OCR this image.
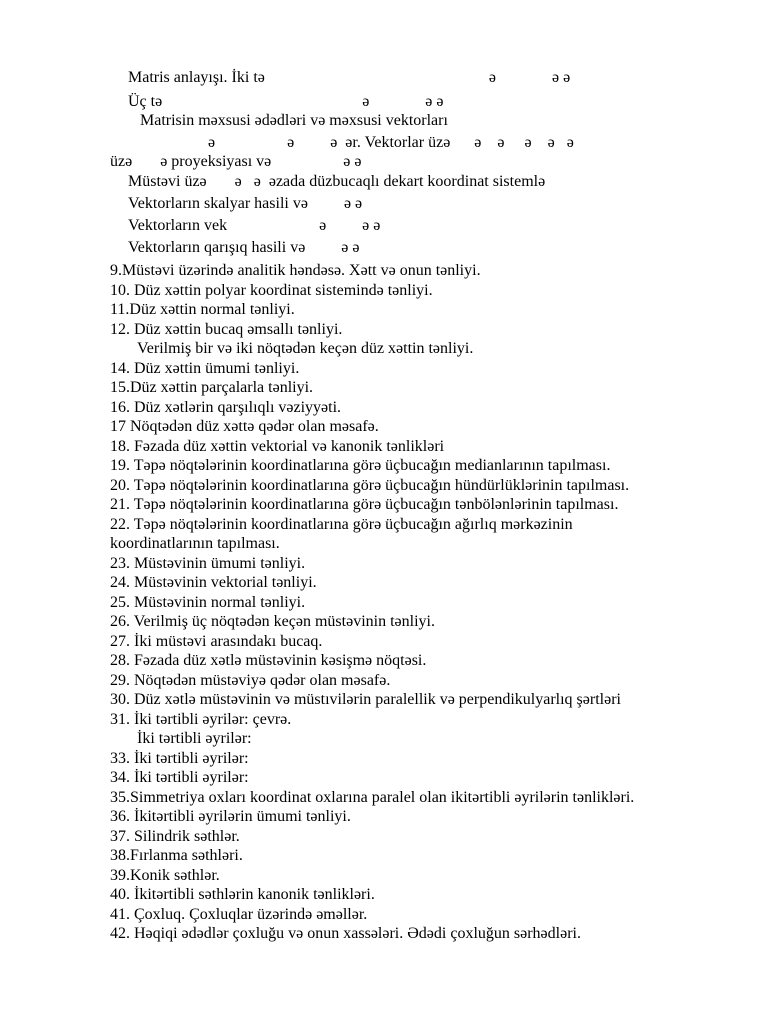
Matris anlayışı. İki tə                                                        ə              ə ə
Üç tə                                                  ə              ə ə
Matrisin məxsusi ədədləri və məxsusi vektorları
ə                  ə         ə  ər. Vektorlar üzə      ə    ə     ə    ə   ə
üzə       ə proyeksiyası və                  ə ə
Müstəvi üzə       ə   ə  əzada düzbucaqlı dekart koordinat sistemlə
Vektorların skalyar hasili və         ə ə
Vektorların vek                       ə         ə ə
Vektorların qarışıq hasili və         ə ə
9.Müstəvi üzərində analitik həndəsə. Xətt və onun tənliyi.
10. Düz xəttin polyar koordinat sistemində tənliyi.
11.Düz xəttin normal tənliyi.
12. Düz xəttin bucaq əmsallı tənliyi.
Verilmiş bir və iki nöqtədən keçən düz xəttin tənliyi.
14. Düz xəttin ümumi tənliyi.
15.Düz xəttin parçalarla tənliyi.
16. Düz xətlərin qarşılıqlı vəziyyəti.
17 Nöqtədən düz xəttə qədər olan məsafə.
18. Fəzada düz xəttin vektorial və kanonik tənlikləri
19. Təpə nöqtələrinin koordinatlarına görə üçbucağın medianlarının tapılması.
20. Təpə nöqtələrinin koordinatlarına görə üçbucağın hündürlüklərinin tapılması.
21. Təpə nöqtələrinin koordinatlarına görə üçbucağın tənbölənlərinin tapılması.
22. Təpə nöqtələrinin koordinatlarına görə üçbucağın ağırlıq mərkəzinin
koordinatlarının tapılması.
23. Müstəvinin ümumi tənliyi.
24. Müstəvinin vektorial tənliyi.
25. Müstəvinin normal tənliyi.
26. Verilmiş üç nöqtədən keçən müstəvinin tənliyi.
27. İki müstəvi arasındakı bucaq.
28. Fəzada düz xətlə müstəvinin kəsişmə nöqtəsi.
29. Nöqtədən müstəviyə qədər olan məsafə.
30. Düz xətlə müstəvinin və müstıvilərin paralellik və perpendikulyarlıq şərtləri
31. İki tərtibli əyrilər: çevrə.
İki tərtibli əyrilər:
33. İki tərtibli əyrilər:
34. İki tərtibli əyrilər:
35.Simmetriya oxları koordinat oxlarına paralel olan ikitərtibli əyrilərin tənlikləri.
36. İkitərtibli əyrilərin ümumi tənliyi.
37. Silindrik səthlər.
38.Fırlanma səthləri.
39.Konik səthlər.
40. İkitərtibli səthlərin kanonik tənlikləri.
41. Çoxluq. Çoxluqlar üzərində əməllər.
42. Həqiqi ədədlər çoxluğu və onun xassələri. Ədədi çoxluğun sərhədləri.
